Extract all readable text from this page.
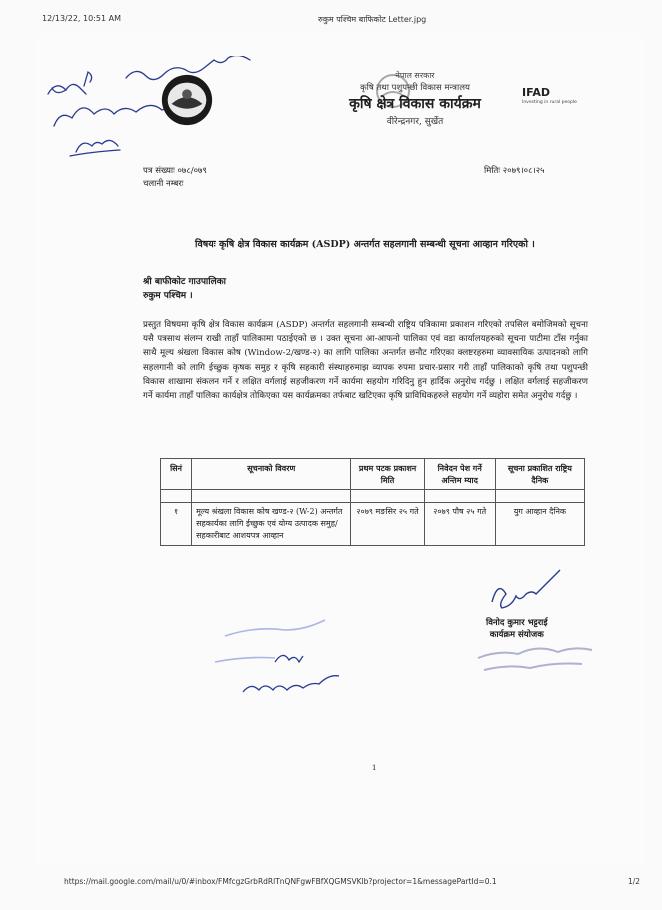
12/13/22, 10:51 AM	रुकुम पश्चिम बाफिकोट Letter.jpg
नेपाल सरकार
कृषि तथा पशुपन्छी विकास मन्त्रालय
कृषि क्षेत्र विकास कार्यक्रम
वीरेन्द्रनगर, सुर्खेत
IFAD
Investing in rural people
पत्र संख्याः ०७८/०७९
चलानी नम्बरः
मितिः २०७९।०८।२५
विषयः कृषि क्षेत्र विकास कार्यक्रम (ASDP) अन्तर्गत सहलगानी सम्बन्धी सूचना आव्हान गरिएको ।
श्री बाफीकोट गाउपालिका
रुकुम पश्चिम ।
प्रस्तुत विषयमा कृषि क्षेत्र विकास कार्यक्रम (ASDP) अन्तर्गत सहलगानी सम्बन्धी राष्ट्रिय पत्रिकामा प्रकाशन गरिएको तपसिल बमोजिमको सूचना यसै पत्रसाथ संलग्न राखी ताहाँ पालिकामा पठाईएको छ । उक्त सूचना आ-आफनो पालिका एवं वडा कार्यालयहरुको सूचना पाटीमा टाँस गर्नुका साथै मूल्य श्रंखला विकास कोष (Window-2/खण्ड-२) का लागि पालिका अन्तर्गत छनौट गरिएका क्लष्टरहरुमा व्यावसायिक उत्पादनको लागि सहलगानी को लागि ईच्छुक कृषक समुह र कृषि सहकारी संस्थाहरुमाझ व्यापक रुपमा प्रचार-प्रसार गरी ताहाँ पालिकाको कृषि तथा पशुपन्छी विकास शाखामा संकलन गर्ने र लक्षित वर्गलाई सहजीकरण गर्ने कार्यमा सहयोग गरिदिनु हुन हार्दिक अनुरोध गर्दछु । लक्षित वर्गलाई सहजीकरण गर्ने कार्यमा ताहाँ पालिका कार्यक्षेत्र तोकिएका यस कार्यक्रमका तर्फबाट खटिएका कृषि प्राविधिकहरुले सहयोग गर्ने व्यहोरा समेत अनुरोध गर्दछु ।
सिनं	सूचनाको विवरण	प्रथम पटक प्रकाशन मिति	निवेदन पेश गर्ने अन्तिम म्याद	सूचना प्रकाशित राष्ट्रिय दैनिक

१	मूल्य श्रंखला विकास कोष खण्ड-२ (W-2) अन्तर्गत सहकार्यका लागि ईच्छुक एवं योग्य उत्पादक समुह/सहकारीबाट आशयपत्र आव्हान	२०७९ मङसिर २५ गते	२०७९ पौष २५ गते	युग आव्हान दैनिक
विनोद कुमार भट्टराई
कार्यक्रम संयोजक
1
https://mail.google.com/mail/u/0/#inbox/FMfcgzGrbRdRlTnQNFgwFBfXQGMSVKlb?projector=1&messagePartId=0.1	1/2
